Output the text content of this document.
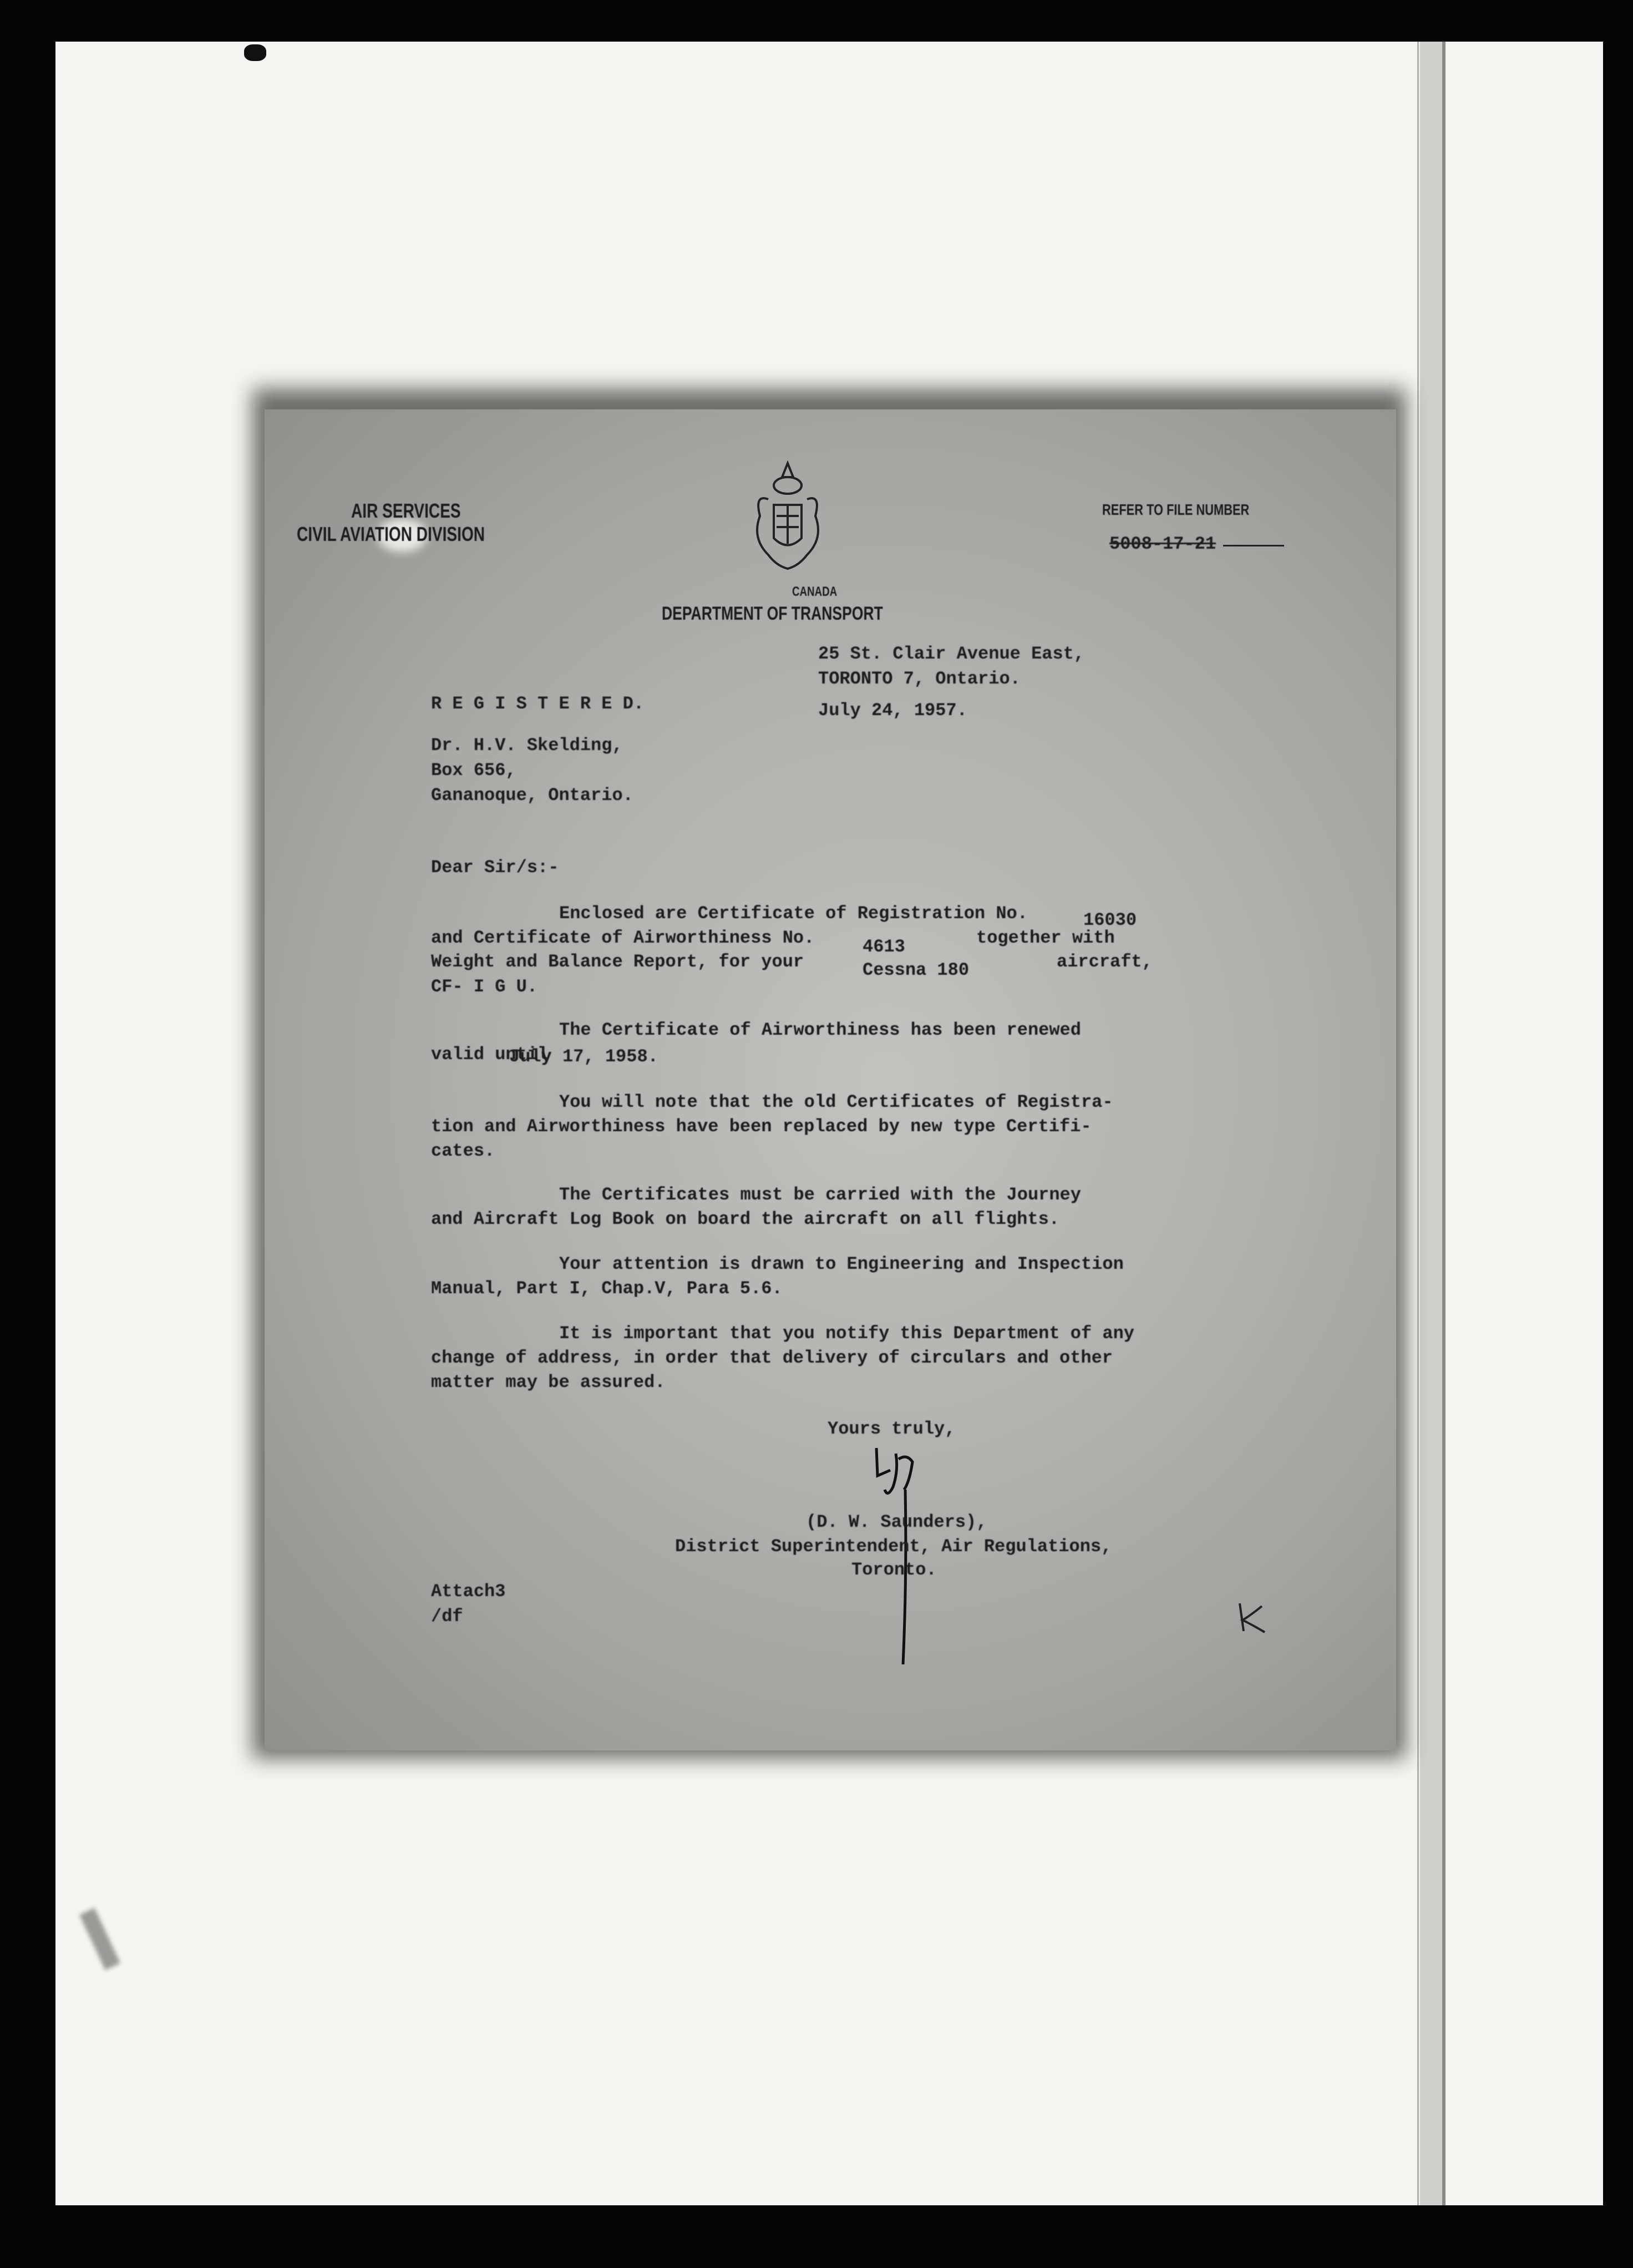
AIR SERVICES
CIVIL AVIATION DIVISION
CANADA
DEPARTMENT OF TRANSPORT
REFER TO FILE NUMBER
5008-17-21
25 St. Clair Avenue East,
TORONTO 7, Ontario.
R E G I S T E R E D.	July 24, 1957.
Dr. H.V. Skelding,
Box 656,
Gananoque, Ontario.
Dear Sir/s:-
Enclosed are Certificate of Registration No.	16030
and Certificate of Airworthiness No.	4613	together with
Weight and Balance Report, for your	Cessna 180	aircraft,
CF- I G U.
The Certificate of Airworthiness has been renewed
valid until
July 17, 1958.
You will note that the old Certificates of Registra-
tion and Airworthiness have been replaced by new type Certifi-
cates.
The Certificates must be carried with the Journey
and Aircraft Log Book on board the aircraft on all flights.
Your attention is drawn to Engineering and Inspection
Manual, Part I, Chap.V, Para 5.6.
It is important that you notify this Department of any
change of address, in order that delivery of circulars and other
matter may be assured.
Yours truly,
(D. W. Saunders),
District Superintendent, Air Regulations,
Toronto.
Attach3
/df
